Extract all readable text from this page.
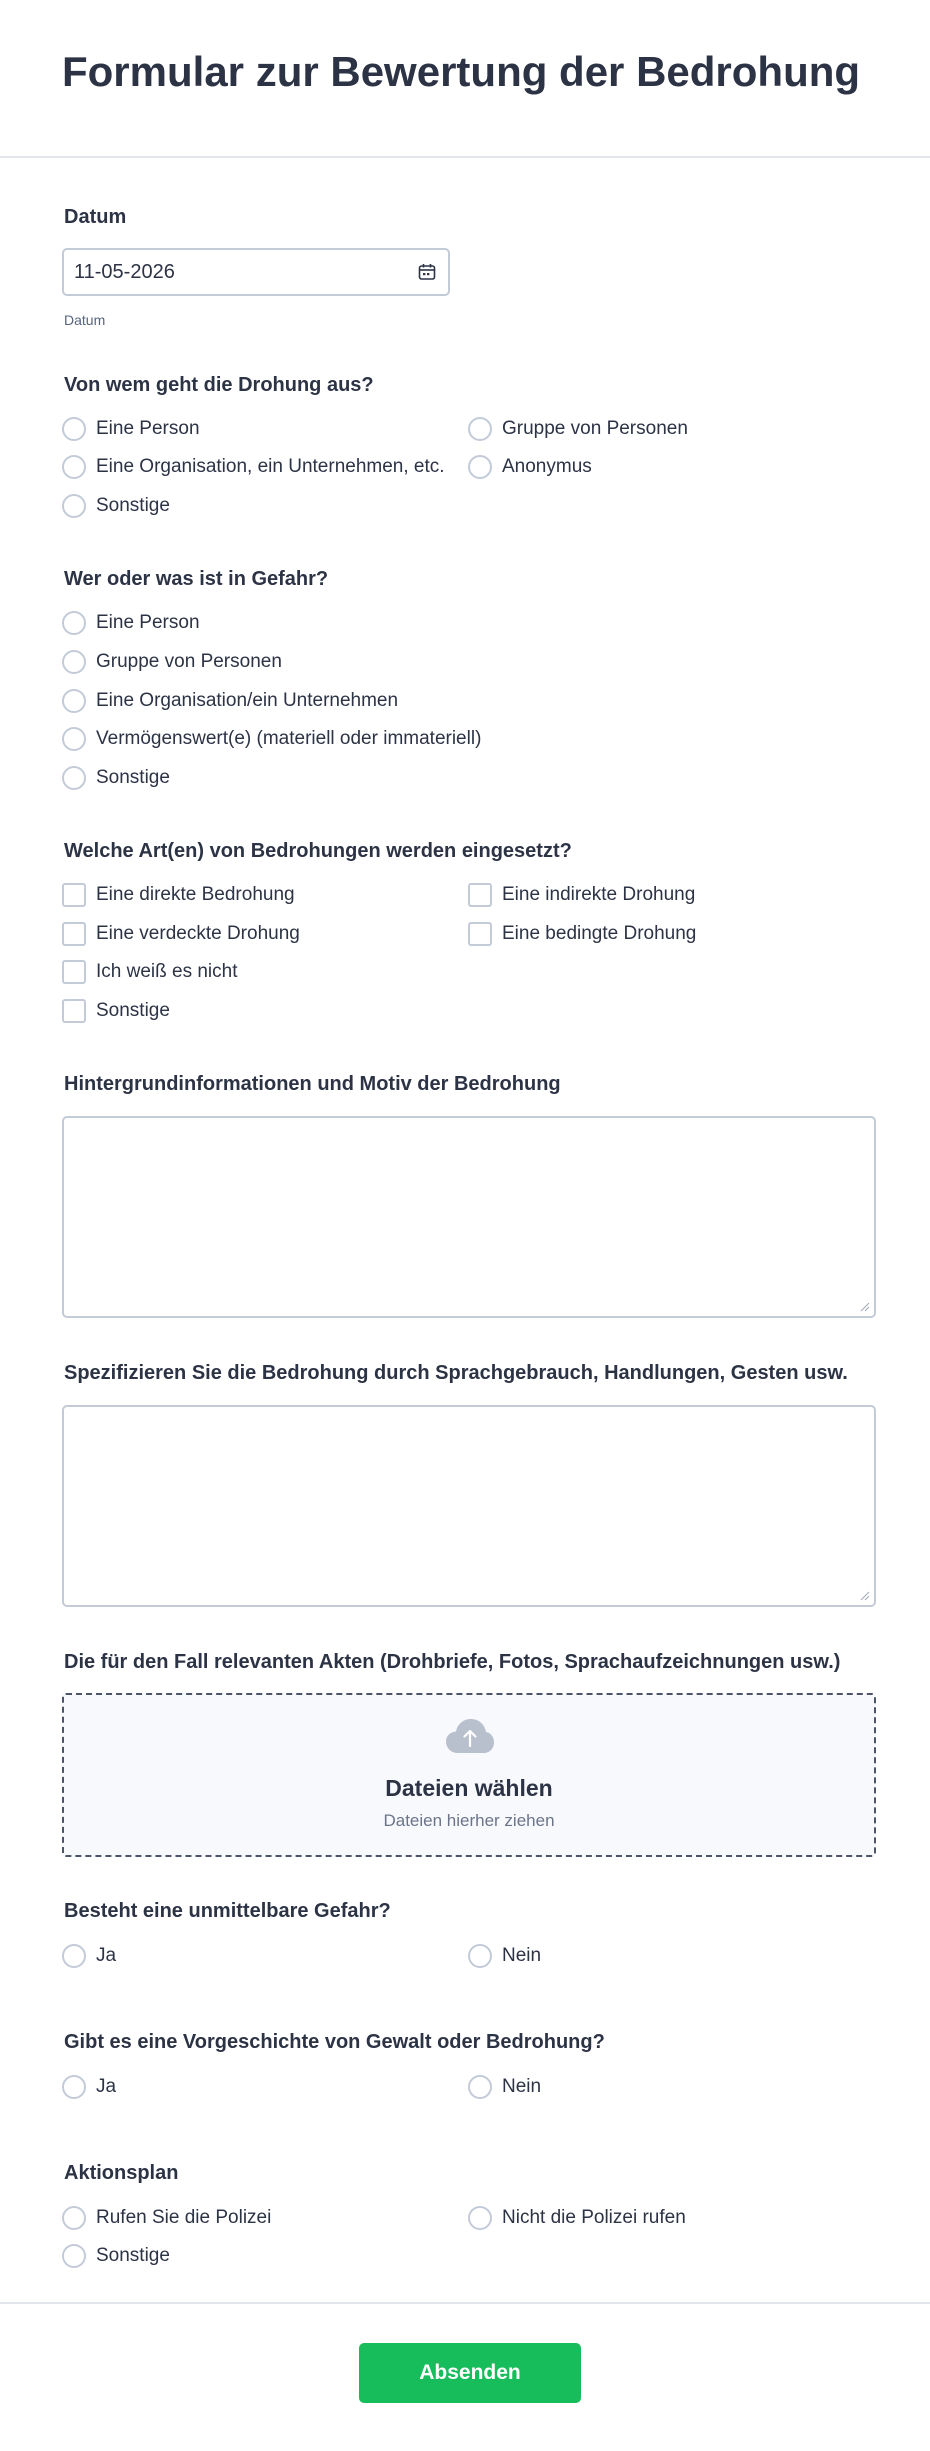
Formular zur Bewertung der Bedrohung
Datum
11-05-2026
Datum
Von wem geht die Drohung aus?
Eine Person	Gruppe von Personen
Eine Organisation, ein Unternehmen, etc.	Anonymus
Sonstige
Wer oder was ist in Gefahr?
Eine Person
Gruppe von Personen
Eine Organisation/ein Unternehmen
Vermögenswert(e) (materiell oder immateriell)
Sonstige
Welche Art(en) von Bedrohungen werden eingesetzt?
Eine direkte Bedrohung	Eine indirekte Drohung
Eine verdeckte Drohung	Eine bedingte Drohung
Ich weiß es nicht
Sonstige
Hintergrundinformationen und Motiv der Bedrohung
Spezifizieren Sie die Bedrohung durch Sprachgebrauch, Handlungen, Gesten usw.
Die für den Fall relevanten Akten (Drohbriefe, Fotos, Sprachaufzeichnungen usw.)
Dateien wählen
Dateien hierher ziehen
Besteht eine unmittelbare Gefahr?
Ja	Nein
Gibt es eine Vorgeschichte von Gewalt oder Bedrohung?
Ja	Nein
Aktionsplan
Rufen Sie die Polizei	Nicht die Polizei rufen
Sonstige
Absenden
